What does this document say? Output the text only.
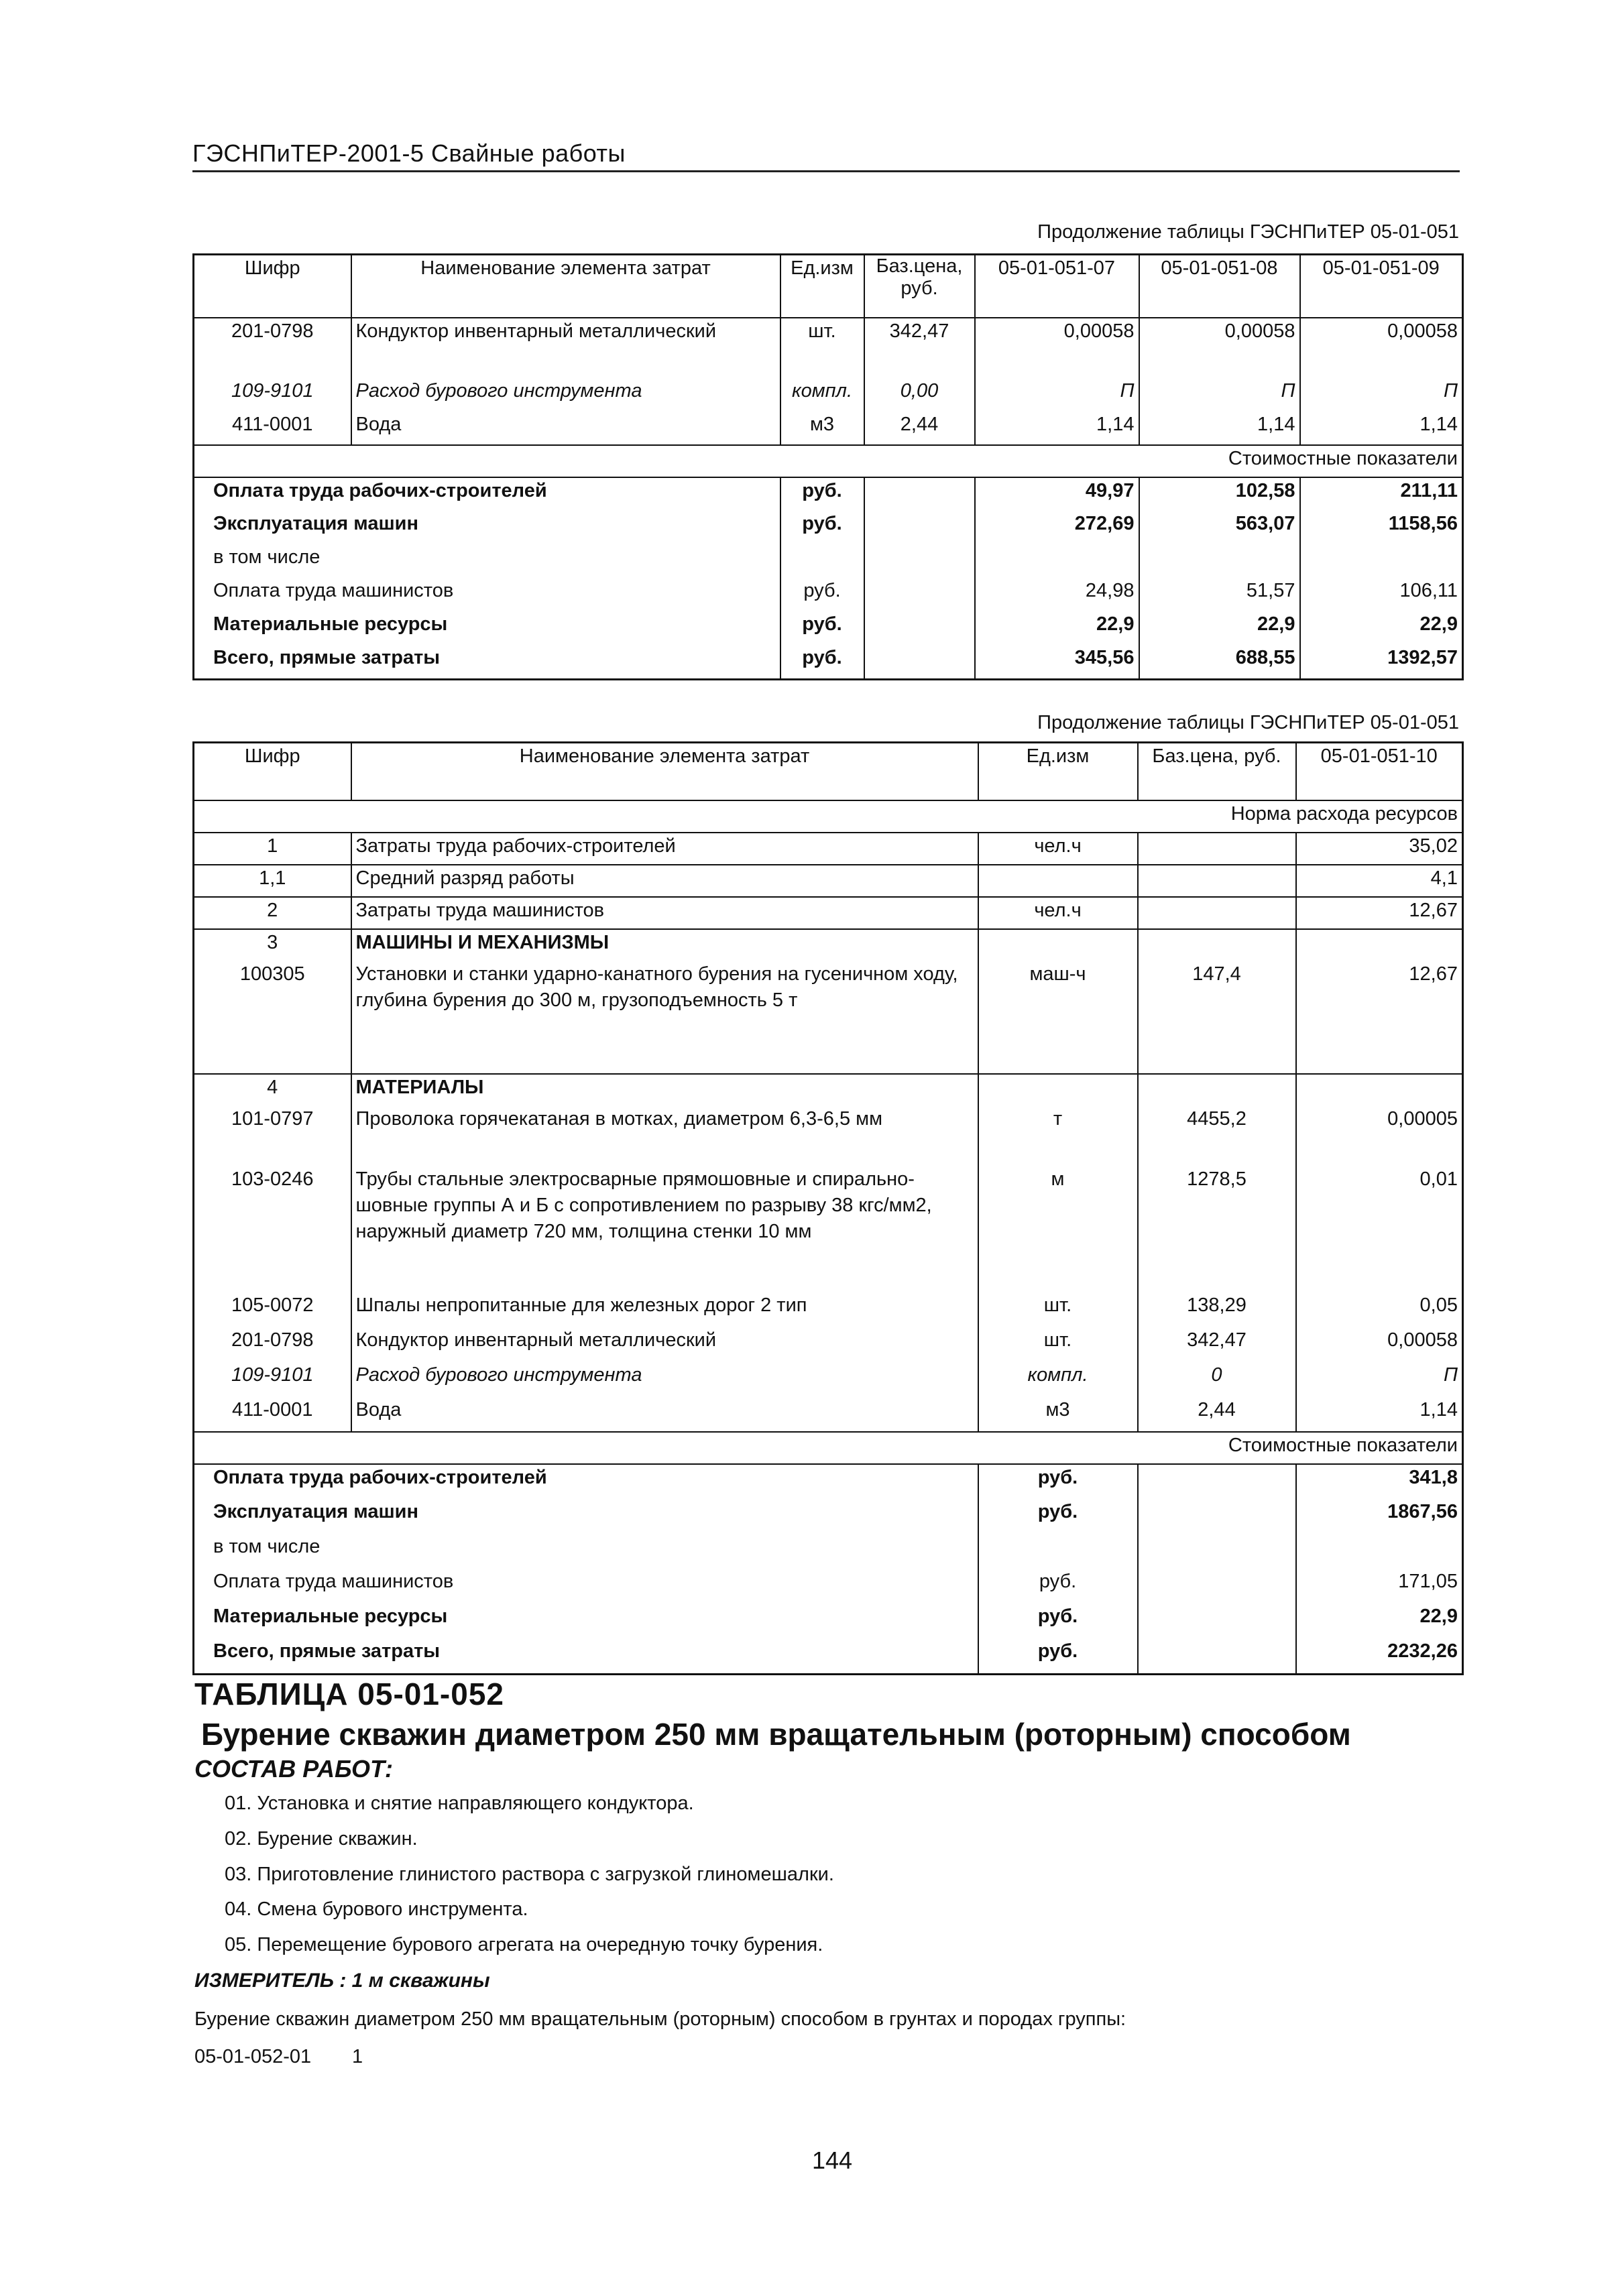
ГЭСНПиТЕР-2001-5 Свайные работы
Продолжение таблицы ГЭСНПиТЕР 05-01-051
Шифр	Наименование элемента затрат	Ед.изм	Баз.цена, руб.	05-01-051-07	05-01-051-08	05-01-051-09
201-0798	Кондуктор инвентарный металлический	шт.	342,47	0,00058	0,00058	0,00058
109-9101	Расход бурового инструмента	компл.	0,00	П	П	П
411-0001	Вода	м3	2,44	1,14	1,14	1,14
Стоимостные показатели						
Оплата труда рабочих-строителей		руб.		49,97	102,58	211,11
Эксплуатация машин		руб.		272,69	563,07	1158,56
в том числе						
Оплата труда машинистов		руб.		24,98	51,57	106,11
Материальные ресурсы		руб.		22,9	22,9	22,9
Всего, прямые затраты		руб.		345,56	688,55	1392,57
Продолжение таблицы ГЭСНПиТЕР 05-01-051
Шифр	Наименование элемента затрат	Ед.изм	Баз.цена, руб.	05-01-051-10
Норма расхода ресурсов				
1	Затраты труда рабочих-строителей	чел.ч		35,02
1,1	Средний разряд работы			4,1
2	Затраты труда машинистов	чел.ч		12,67
3	МАШИНЫ И МЕХАНИЗМЫ			
100305	Установки и станки ударно-канатного бурения на гусеничном ходу, глубина бурения до 300 м, грузоподъемность 5 т	маш-ч	147,4	12,67
4	МАТЕРИАЛЫ			
101-0797	Проволока горячекатаная в мотках, диаметром 6,3-6,5 мм	т	4455,2	0,00005
103-0246	Трубы стальные электросварные прямошовные и спирально-шовные группы А и Б с сопротивлением по разрыву 38 кгс/мм2, наружный диаметр 720 мм, толщина стенки 10 мм	м	1278,5	0,01
105-0072	Шпалы непропитанные для железных дорог 2 тип	шт.	138,29	0,05
201-0798	Кондуктор инвентарный металлический	шт.	342,47	0,00058
109-9101	Расход бурового инструмента	компл.	0	П
411-0001	Вода	м3	2,44	1,14
Стоимостные показатели				
Оплата труда рабочих-строителей		руб.		341,8
Эксплуатация машин		руб.		1867,56
в том числе				
Оплата труда машинистов		руб.		171,05
Материальные ресурсы		руб.		22,9
Всего, прямые затраты		руб.		2232,26
ТАБЛИЦА 05-01-052
Бурение скважин диаметром 250 мм вращательным (роторным) способом
СОСТАВ РАБОТ:
01. Установка и снятие направляющего кондуктора.
02. Бурение скважин.
03. Приготовление глинистого раствора с загрузкой глиномешалки.
04. Смена бурового инструмента.
05. Перемещение бурового агрегата на очередную точку бурения.
ИЗМЕРИТЕЛЬ : 1 м скважины
Бурение скважин диаметром 250 мм вращательным (роторным) способом в грунтах и породах группы:
05-01-052-01 1
144
